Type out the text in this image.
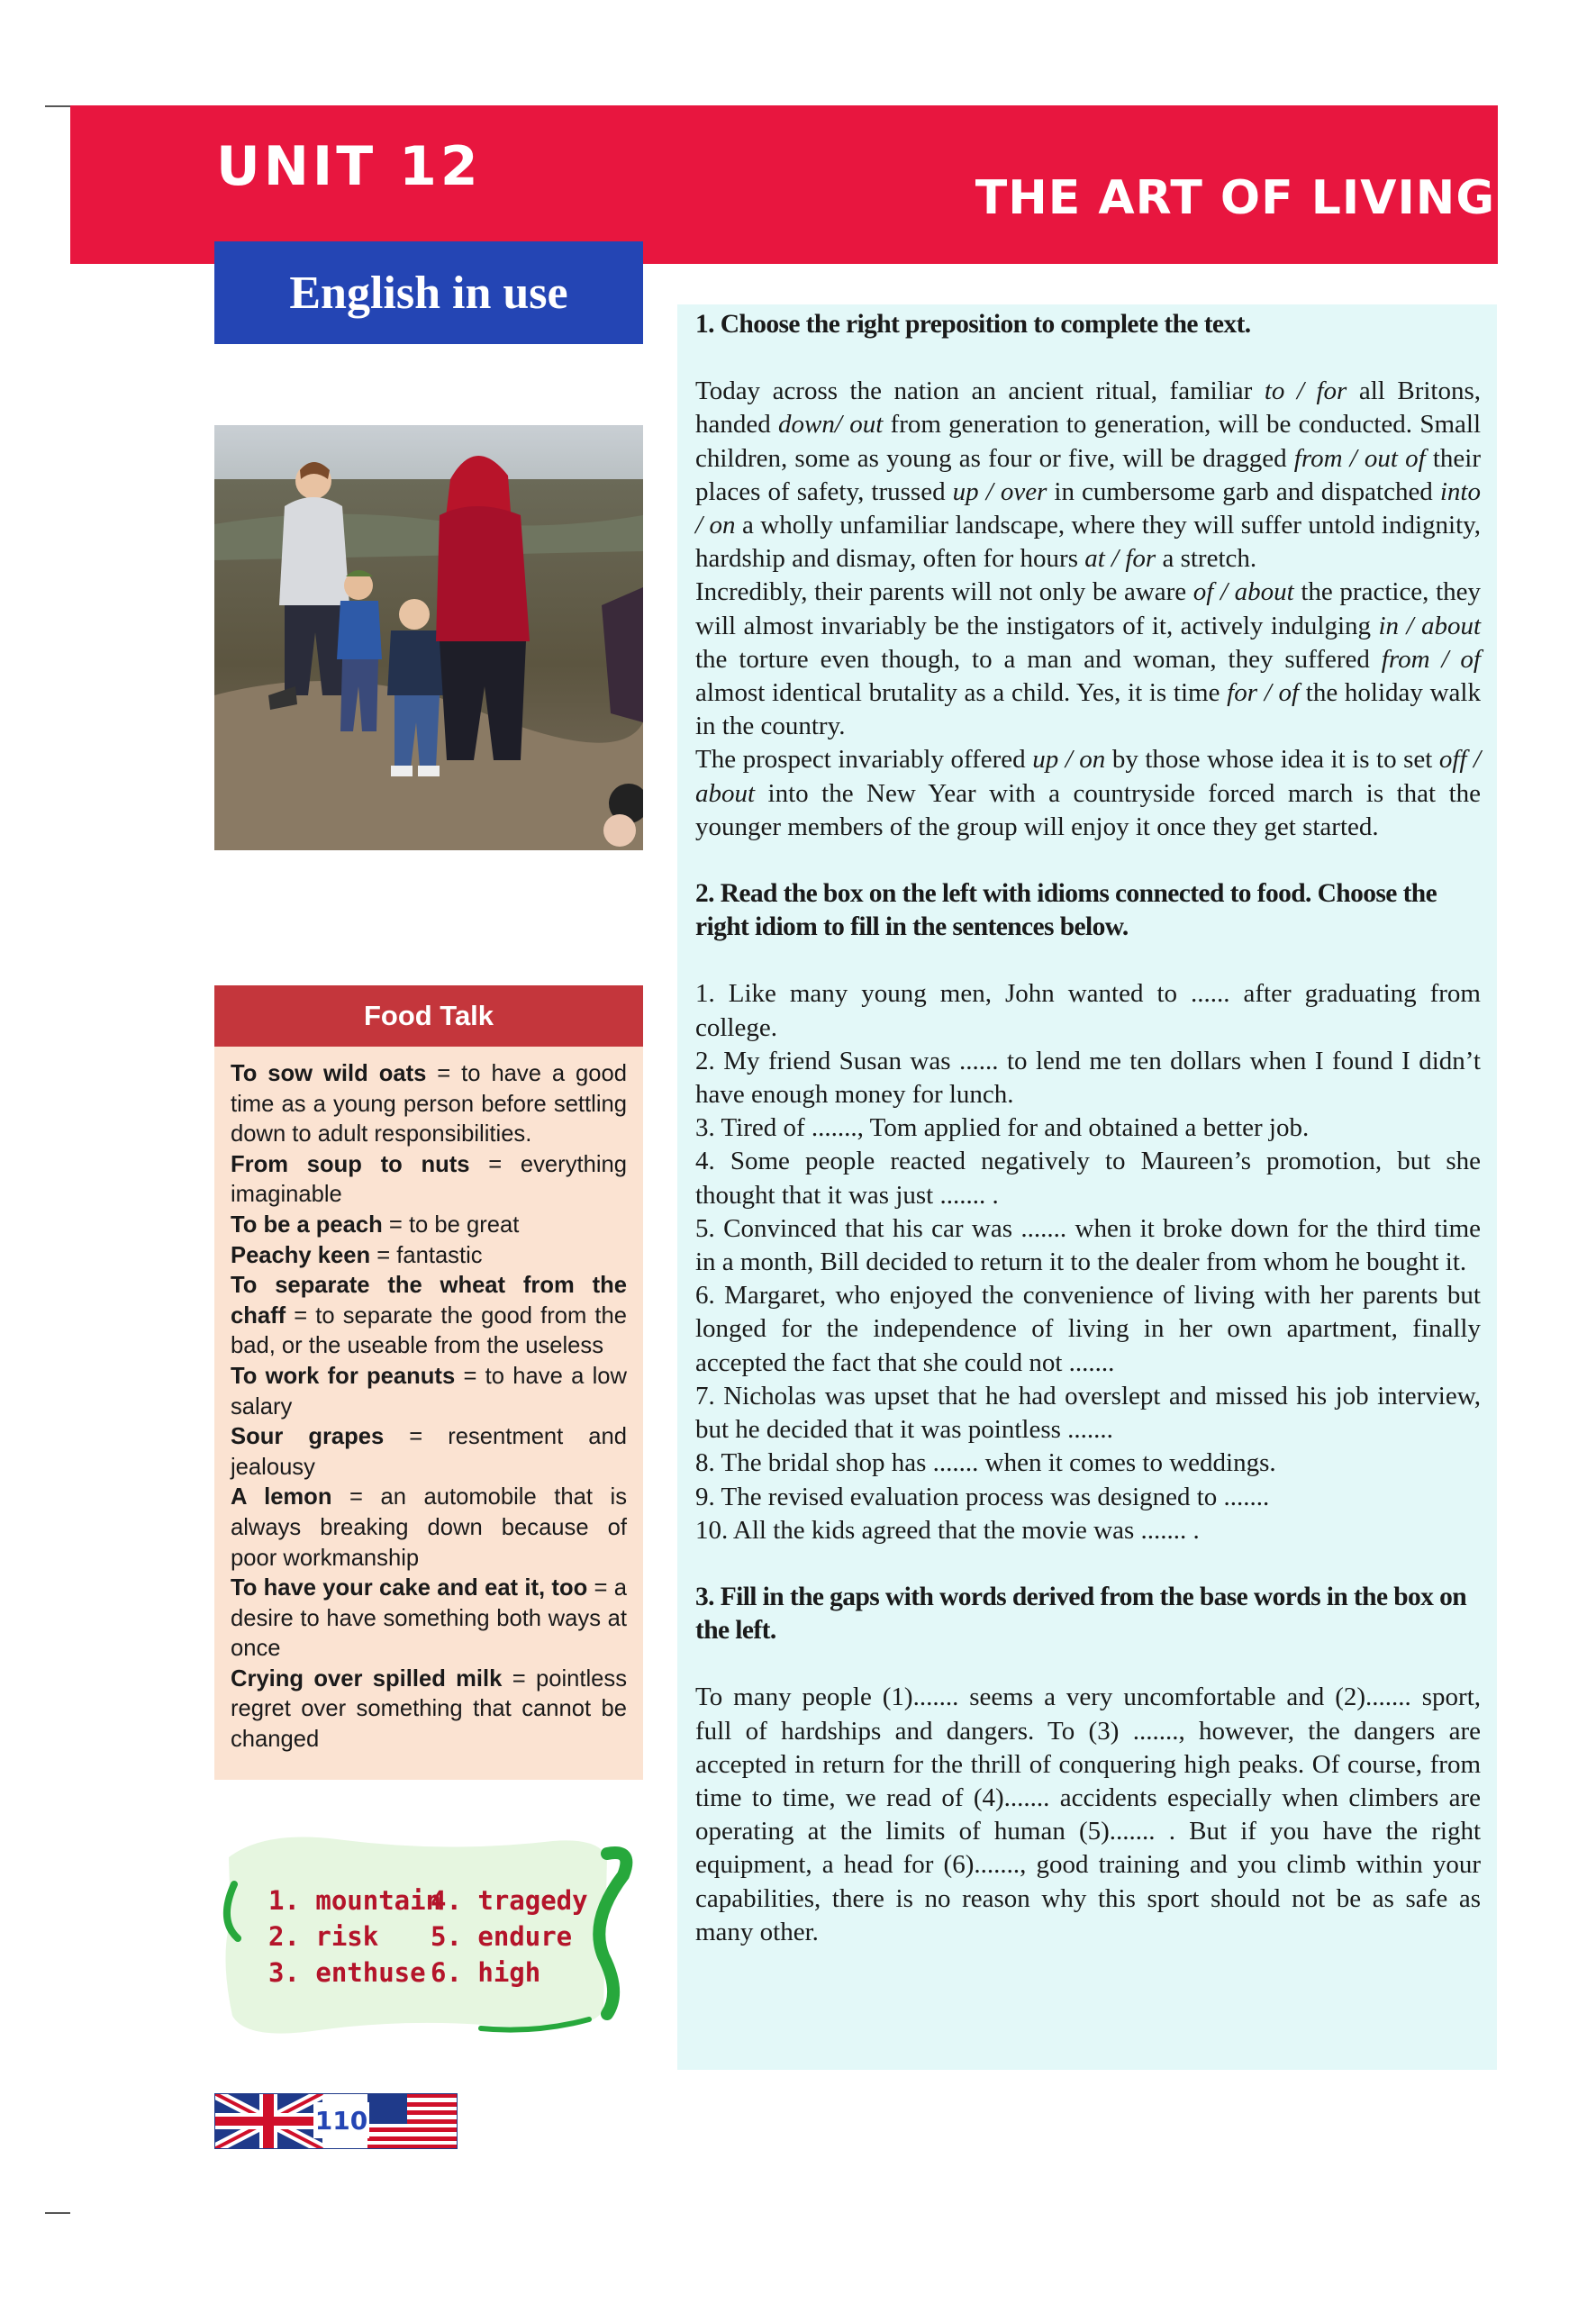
UNIT 12	THE ART OF LIVING
English in use
Food Talk
To sow wild oats = to have a good time as a young person before settling down to adult responsibilities.
From soup to nuts = everything imaginable
To be a peach = to be great
Peachy keen = fantastic
To separate the wheat from the chaff = to separate the good from the bad, or the useable from the useless
To work for peanuts = to have a low salary
Sour grapes = resentment and jealousy
A lemon = an automobile that is always breaking down because of poor workmanship
To have your cake and eat it, too = a desire to have something both ways at once
Crying over spilled milk = pointless regret over something that cannot be changed
1. mountain
2. risk
3. enthuse
4. tragedy
5. endure
6. high
110
1. Choose the right preposition to complete the text.

Today across the nation an ancient ritual, familiar to / for all Britons, handed down/ out from generation to generation, will be conducted. Small children, some as young as four or five, will be dragged from / out of their places of safety, trussed up / over in cumbersome garb and dispatched into / on a wholly unfamiliar landscape, where they will suffer untold indignity, hardship and dismay, often for hours at / for a stretch.

Incredibly, their parents will not only be aware of / about the practice, they will almost invariably be the instigators of it, actively indulging in / about the torture even though, to a man and woman, they suffered from / of almost identical brutality as a child. Yes, it is time for / of the holiday walk in the country.

The prospect invariably offered up / on by those whose idea it is to set off / about into the New Year with a countryside forced march is that the younger members of the group will enjoy it once they get started.

2. Read the box on the left with idioms connected to food. Choose the right idiom to fill in the sentences below.

1. Like many young men, John wanted to ...... after graduating from college.

2. My friend Susan was ...... to lend me ten dollars when I found I didn’t have enough money for lunch.

3. Tired of ......., Tom applied for and obtained a better job.

4. Some people reacted negatively to Maureen’s promotion, but she thought that it was just ....... .

5. Convinced that his car was ....... when it broke down for the third time in a month, Bill decided to return it to the dealer from whom he bought it.

6. Margaret, who enjoyed the convenience of living with her parents but longed for the independence of living in her own apartment, finally accepted the fact that she could not .......

7. Nicholas was upset that he had overslept and missed his job interview, but he decided that it was pointless .......

8. The bridal shop has ....... when it comes to weddings.

9. The revised evaluation process was designed to .......

10. All the kids agreed that the movie was ....... .

3. Fill in the gaps with words derived from the base words in the box on the left.

To many people (1)....... seems a very uncomfortable and (2)....... sport, full of hardships and dangers. To (3) ......., however, the dangers are accepted in return for the thrill of conquering high peaks. Of course, from time to time, we read of (4)....... accidents especially when climbers are operating at the limits of human (5)....... . But if you have the right equipment, a head for (6)......., good training and you climb within your capabilities, there is no reason why this sport should not be as safe as many other.
